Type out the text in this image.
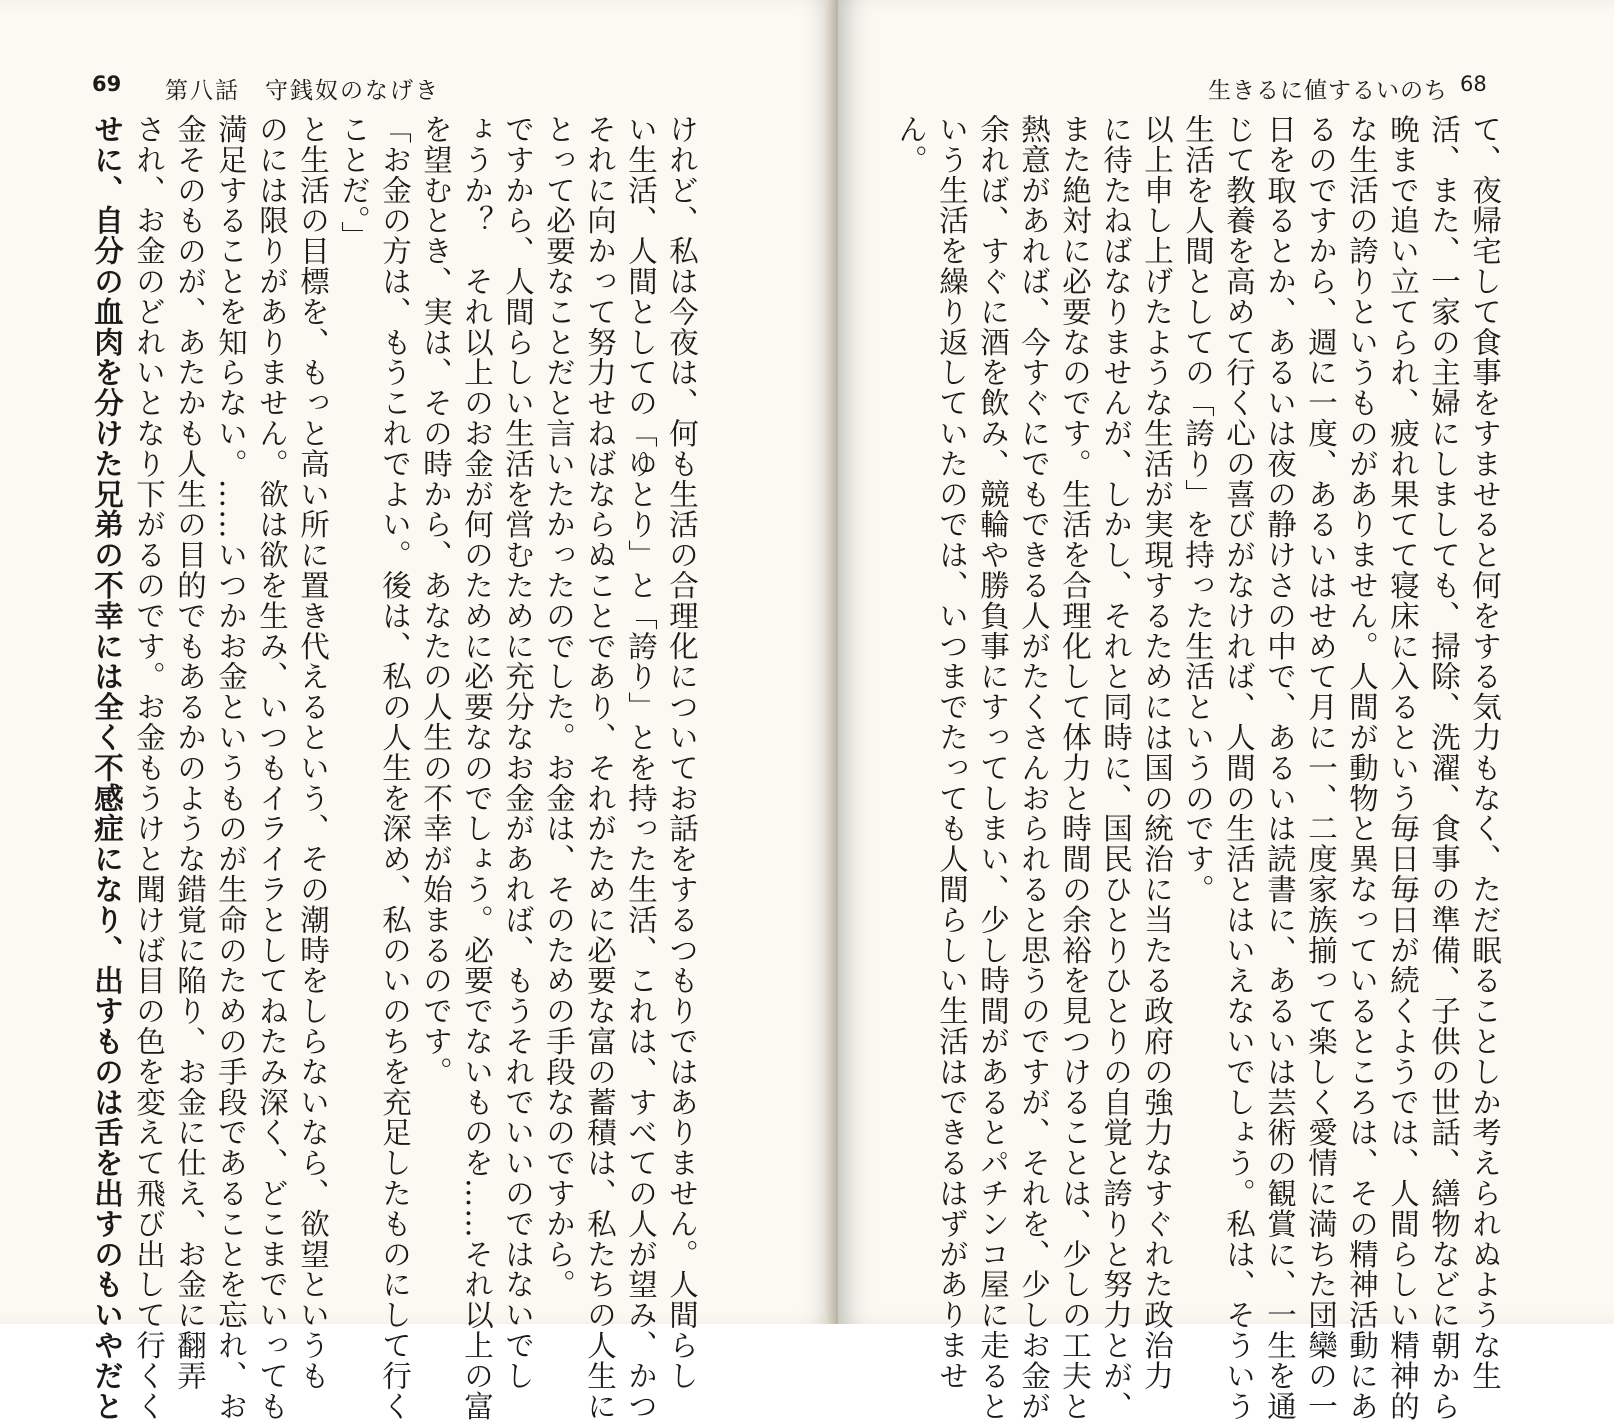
69 第八話　守銭奴のなげき
けれど、私は今夜は、何も生活の合理化についてお話をするつもりではありません。人間らし
い生活、人間としての「ゆとり」と「誇り」とを持った生活、これは、すべての人が望み、かつ
それに向かって努力せねばならぬことであり、それがために必要な富の蓄積は、私たちの人生に
とって必要なことだと言いたかったのでした。お金は、そのための手段なのですから。
ですから、人間らしい生活を営むために充分なお金があれば、もうそれでいいのではないでし
ょうか？　それ以上のお金が何のために必要なのでしょう。必要でないものを……それ以上の富
を望むとき、実は、その時から、あなたの人生の不幸が始まるのです。
「お金の方は、もうこれでよい。後は、私の人生を深め、私のいのちを充足したものにして行く
ことだ。」
と生活の目標を、もっと高い所に置き代えるという、その潮時をしらないなら、欲望というも
のには限りがありません。欲は欲を生み、いつもイライラとしてねたみ深く、どこまでいっても
満足することを知らない。……いつかお金というものが生命のための手段であることを忘れ、お
金そのものが、あたかも人生の目的でもあるかのような錯覚に陥り、お金に仕え、お金に翻弄
され、お金のどれいとなり下がるのです。お金もうけと聞けば目の色を変えて飛び出して行くく
せに、自分の血肉を分けた兄弟の不幸には全く不感症になり、出すものは舌を出すのもいやだと
生きるに値するいのち 68
て、夜帰宅して食事をすませると何をする気力もなく、ただ眠ることしか考えられぬような生
活、また、一家の主婦にしましても、掃除、洗濯、食事の準備、子供の世話、繕物などに朝から
晩まで追い立てられ、疲れ果てて寝床に入るという毎日毎日が続くようでは、人間らしい精神的
な生活の誇りというものがありません。人間が動物と異なっているところは、その精神活動にあ
るのですから、週に一度、あるいはせめて月に一、二度家族揃って楽しく愛情に満ちた団欒の一
日を取るとか、あるいは夜の静けさの中で、あるいは読書に、あるいは芸術の観賞に、一生を通
じて教養を高めて行く心の喜びがなければ、人間の生活とはいえないでしょう。私は、そういう
生活を人間としての「誇り」を持った生活というのです。
以上申し上げたような生活が実現するためには国の統治に当たる政府の強力なすぐれた政治力
に待たねばなりませんが、しかし、それと同時に、国民ひとりひとりの自覚と誇りと努力とが、
また絶対に必要なのです。生活を合理化して体力と時間の余裕を見つけることは、少しの工夫と
熱意があれば、今すぐにでもできる人がたくさんおられると思うのですが、それを、少しお金が
余れば、すぐに酒を飲み、競輪や勝負事にすってしまい、少し時間があるとパチンコ屋に走ると
いう生活を繰り返していたのでは、いつまでたっても人間らしい生活はできるはずがありませ
ん。
